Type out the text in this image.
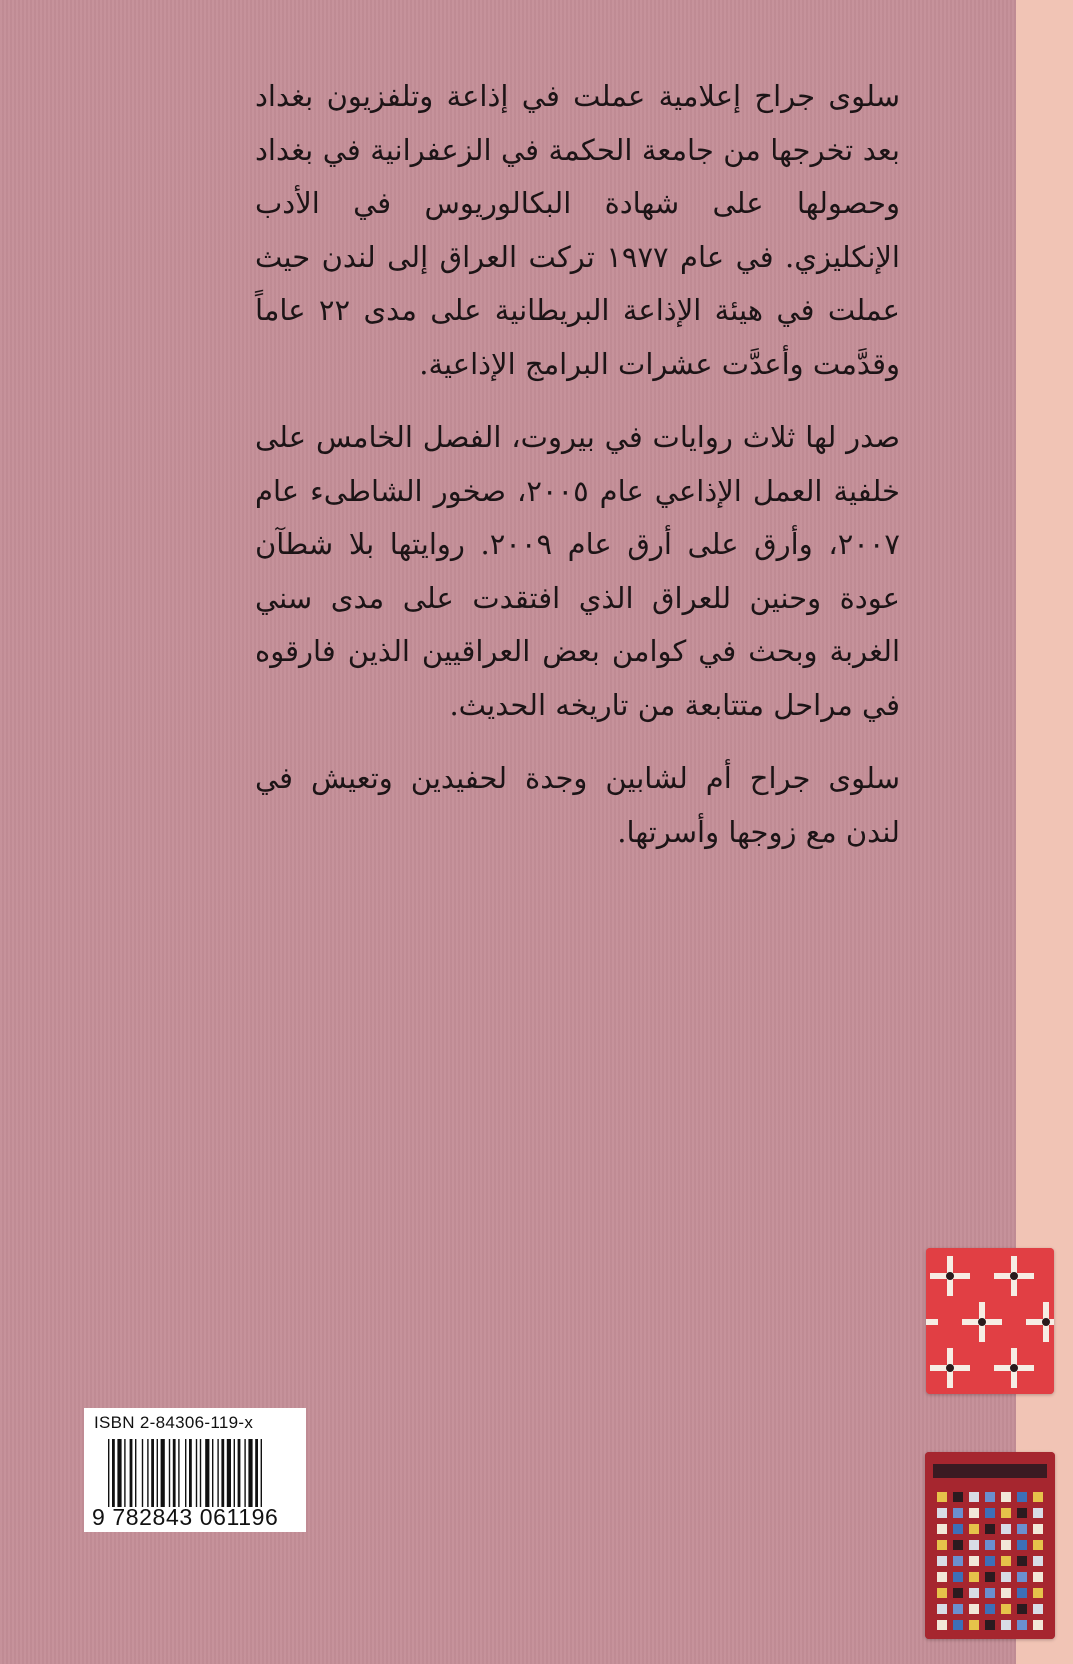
سلوى جراح إعلامية عملت في إذاعة وتلفزيون بغداد بعد تخرجها من جامعة الحكمة في الزعفرانية في بغداد وحصولها على شهادة البكالوريوس في الأدب الإنكليزي. في عام ١٩٧٧ تركت العراق إلى لندن حيث عملت في هيئة الإذاعة البريطانية على مدى ٢٢ عاماً وقدَّمت وأعدَّت عشرات البرامج الإذاعية.

صدر لها ثلاث روايات في بيروت، الفصل الخامس على خلفية العمل الإذاعي عام ٢٠٠٥، صخور الشاطىء عام ٢٠٠٧، وأرق على أرق عام ٢٠٠٩. روايتها بلا شطآن عودة وحنين للعراق الذي افتقدت على مدى سني الغربة وبحث في كوامن بعض العراقيين الذين فارقوه في مراحل متتابعة من تاريخه الحديث.

سلوى جراح أم لشابين وجدة لحفيدين وتعيش في لندن مع زوجها وأسرتها.

ISBN 2-84306-119-x
9 782843 061196
